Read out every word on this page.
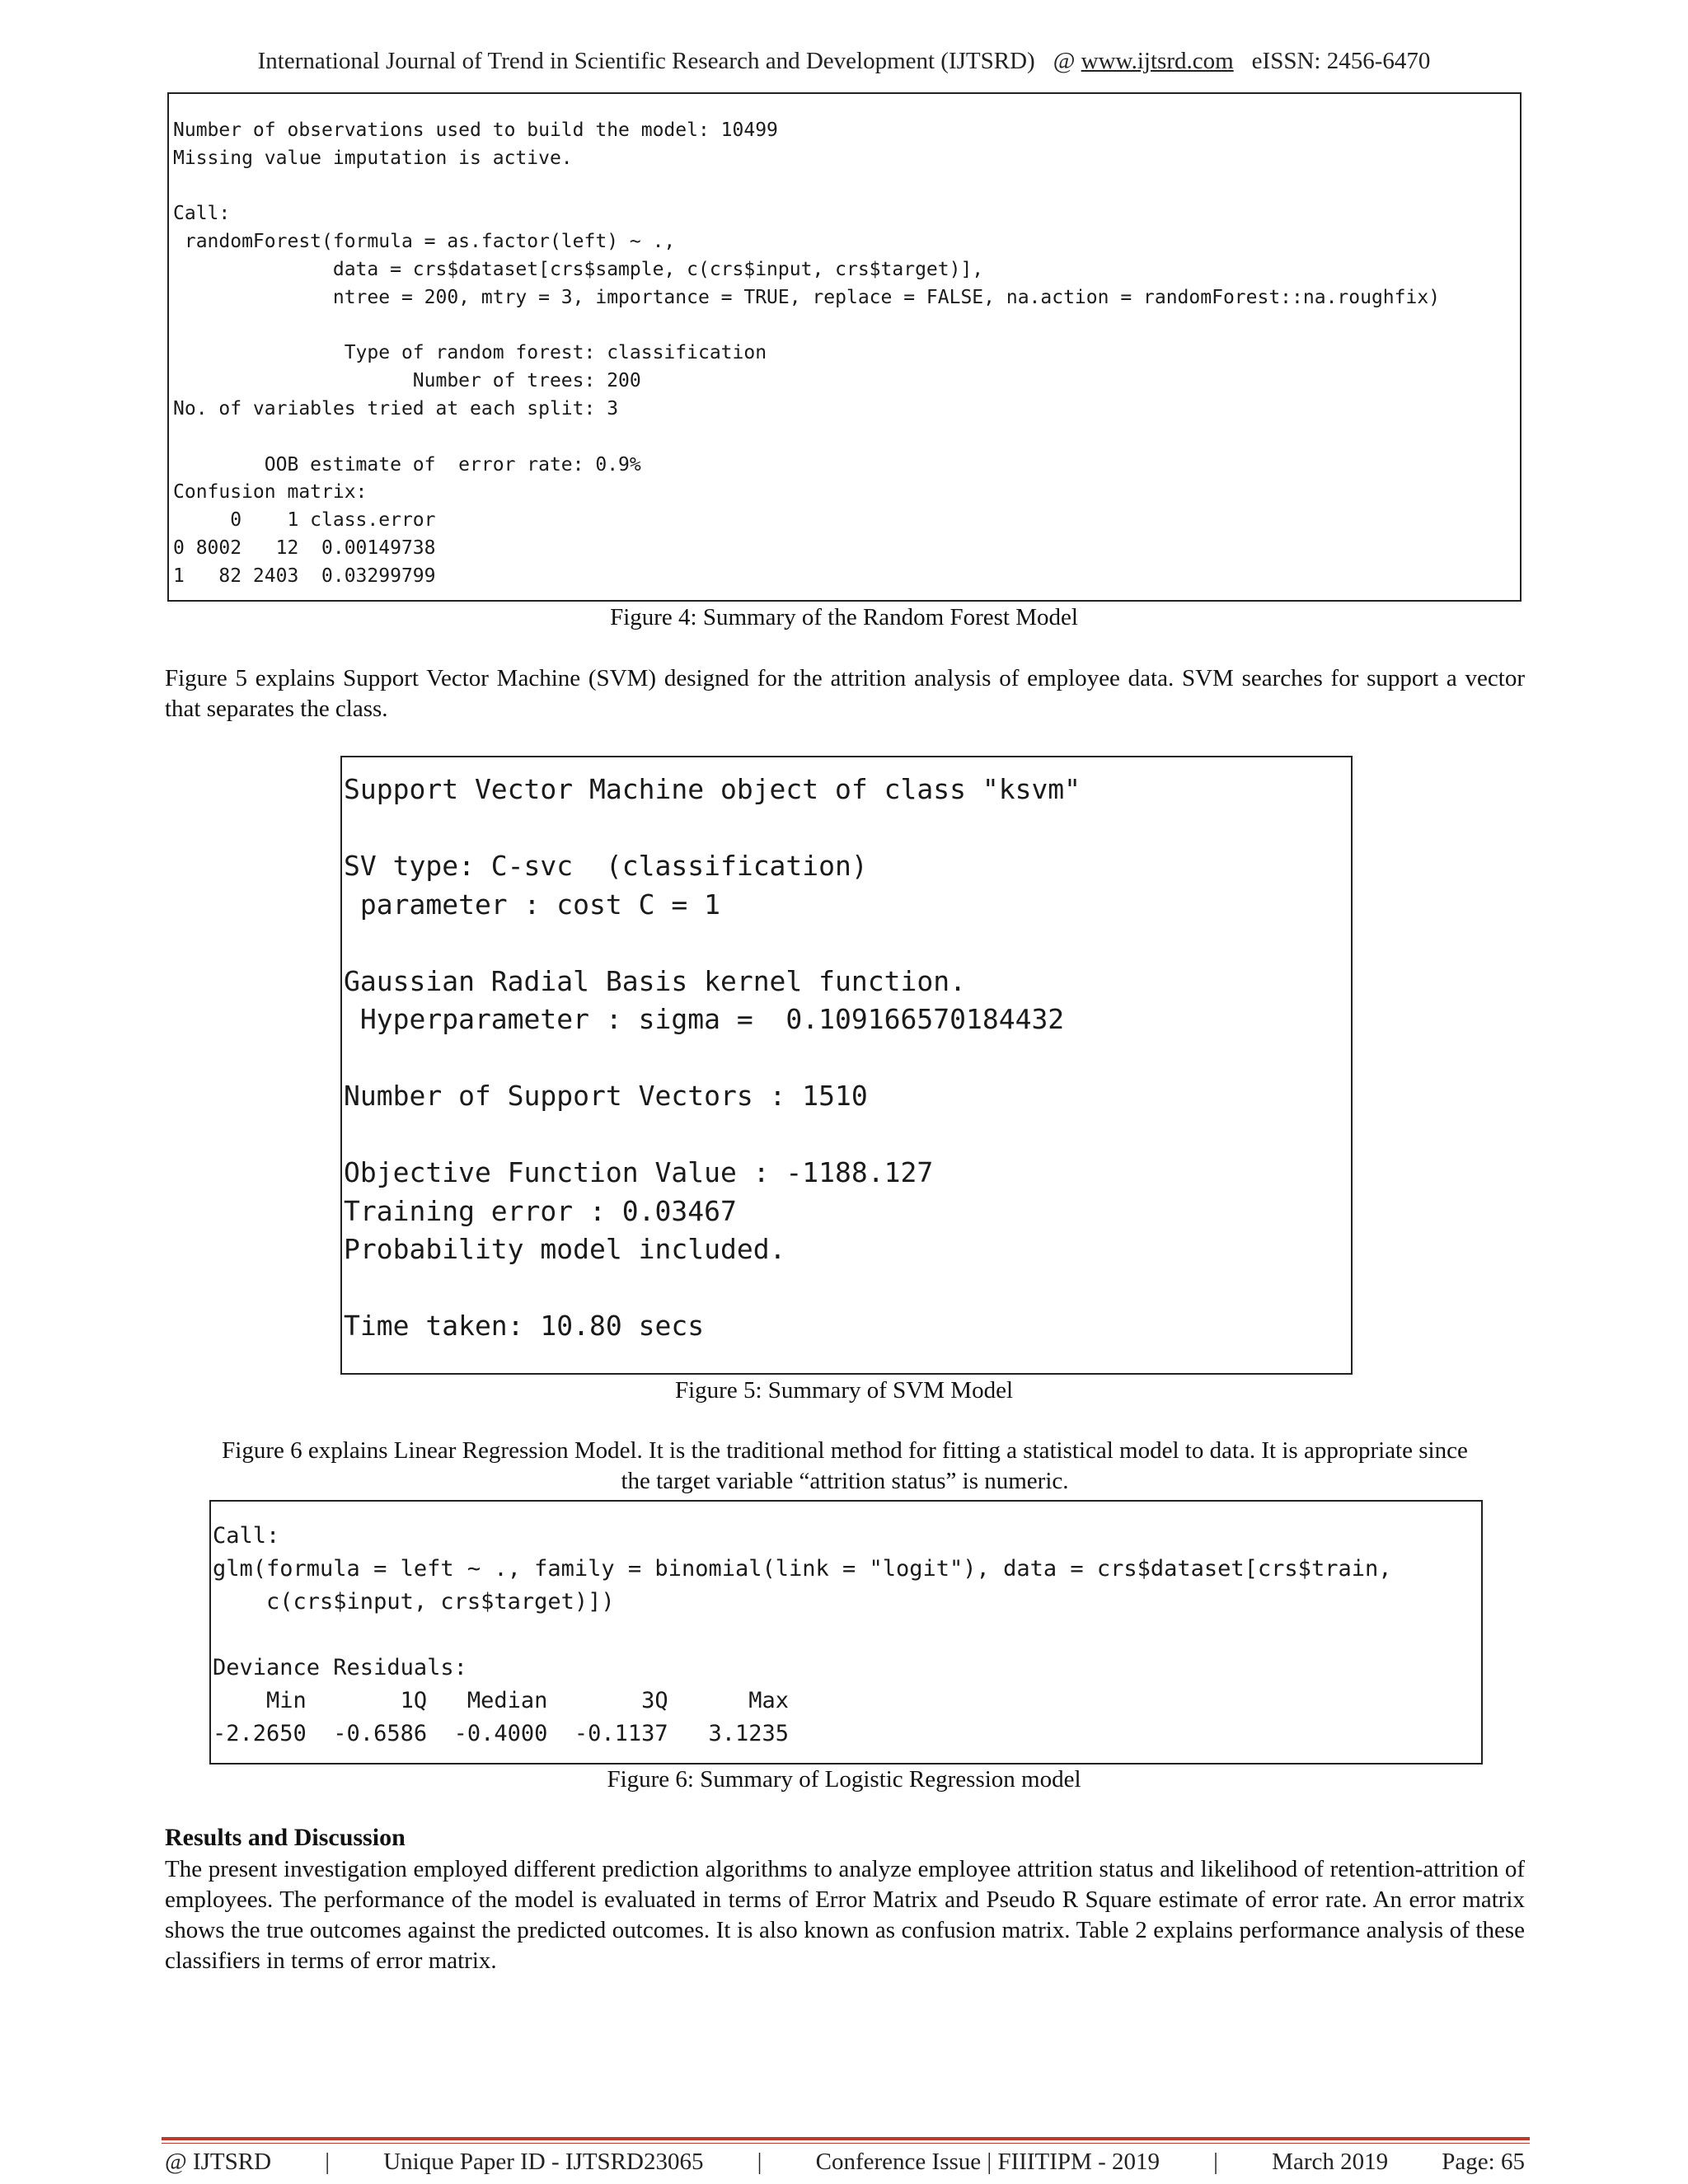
International Journal of Trend in Scientific Research and Development (IJTSRD) @ www.ijtsrd.com eISSN: 2456-6470
Number of observations used to build the model: 10499
Missing value imputation is active.

Call:
randomForest(formula = as.factor(left) ~ .,
data = crs$dataset[crs$sample, c(crs$input, crs$target)],
ntree = 200, mtry = 3, importance = TRUE, replace = FALSE, na.action = randomForest::na.roughfix)

Type of random forest: classification
Number of trees: 200
No. of variables tried at each split: 3

OOB estimate of  error rate: 0.9%
Confusion matrix:
0    1 class.error
0 8002   12  0.00149738
1   82 2403  0.03299799
Figure 4: Summary of the Random Forest Model
Figure 5 explains Support Vector Machine (SVM) designed for the attrition analysis of employee data. SVM searches for support a vector that separates the class.
Support Vector Machine object of class "ksvm"

SV type: C-svc  (classification)
parameter : cost C = 1

Gaussian Radial Basis kernel function.
Hyperparameter : sigma =  0.109166570184432

Number of Support Vectors : 1510

Objective Function Value : -1188.127
Training error : 0.03467
Probability model included.

Time taken: 10.80 secs
Figure 5: Summary of SVM Model
Figure 6 explains Linear Regression Model. It is the traditional method for fitting a statistical model to data. It is appropriate since the target variable “attrition status” is numeric.
Call:
glm(formula = left ~ ., family = binomial(link = "logit"), data = crs$dataset[crs$train,
c(crs$input, crs$target)])

Deviance Residuals:
Min       1Q   Median       3Q      Max
-2.2650  -0.6586  -0.4000  -0.1137   3.1235
Figure 6: Summary of Logistic Regression model
Results and Discussion
The present investigation employed different prediction algorithms to analyze employee attrition status and likelihood of retention-attrition of employees. The performance of the model is evaluated in terms of Error Matrix and Pseudo R Square estimate of error rate. An error matrix shows the true outcomes against the predicted outcomes. It is also known as confusion matrix. Table 2 explains performance analysis of these classifiers in terms of error matrix.
@ IJTSRD | Unique Paper ID - IJTSRD23065 | Conference Issue | FIIITIPM - 2019 | March 2019 Page: 65
